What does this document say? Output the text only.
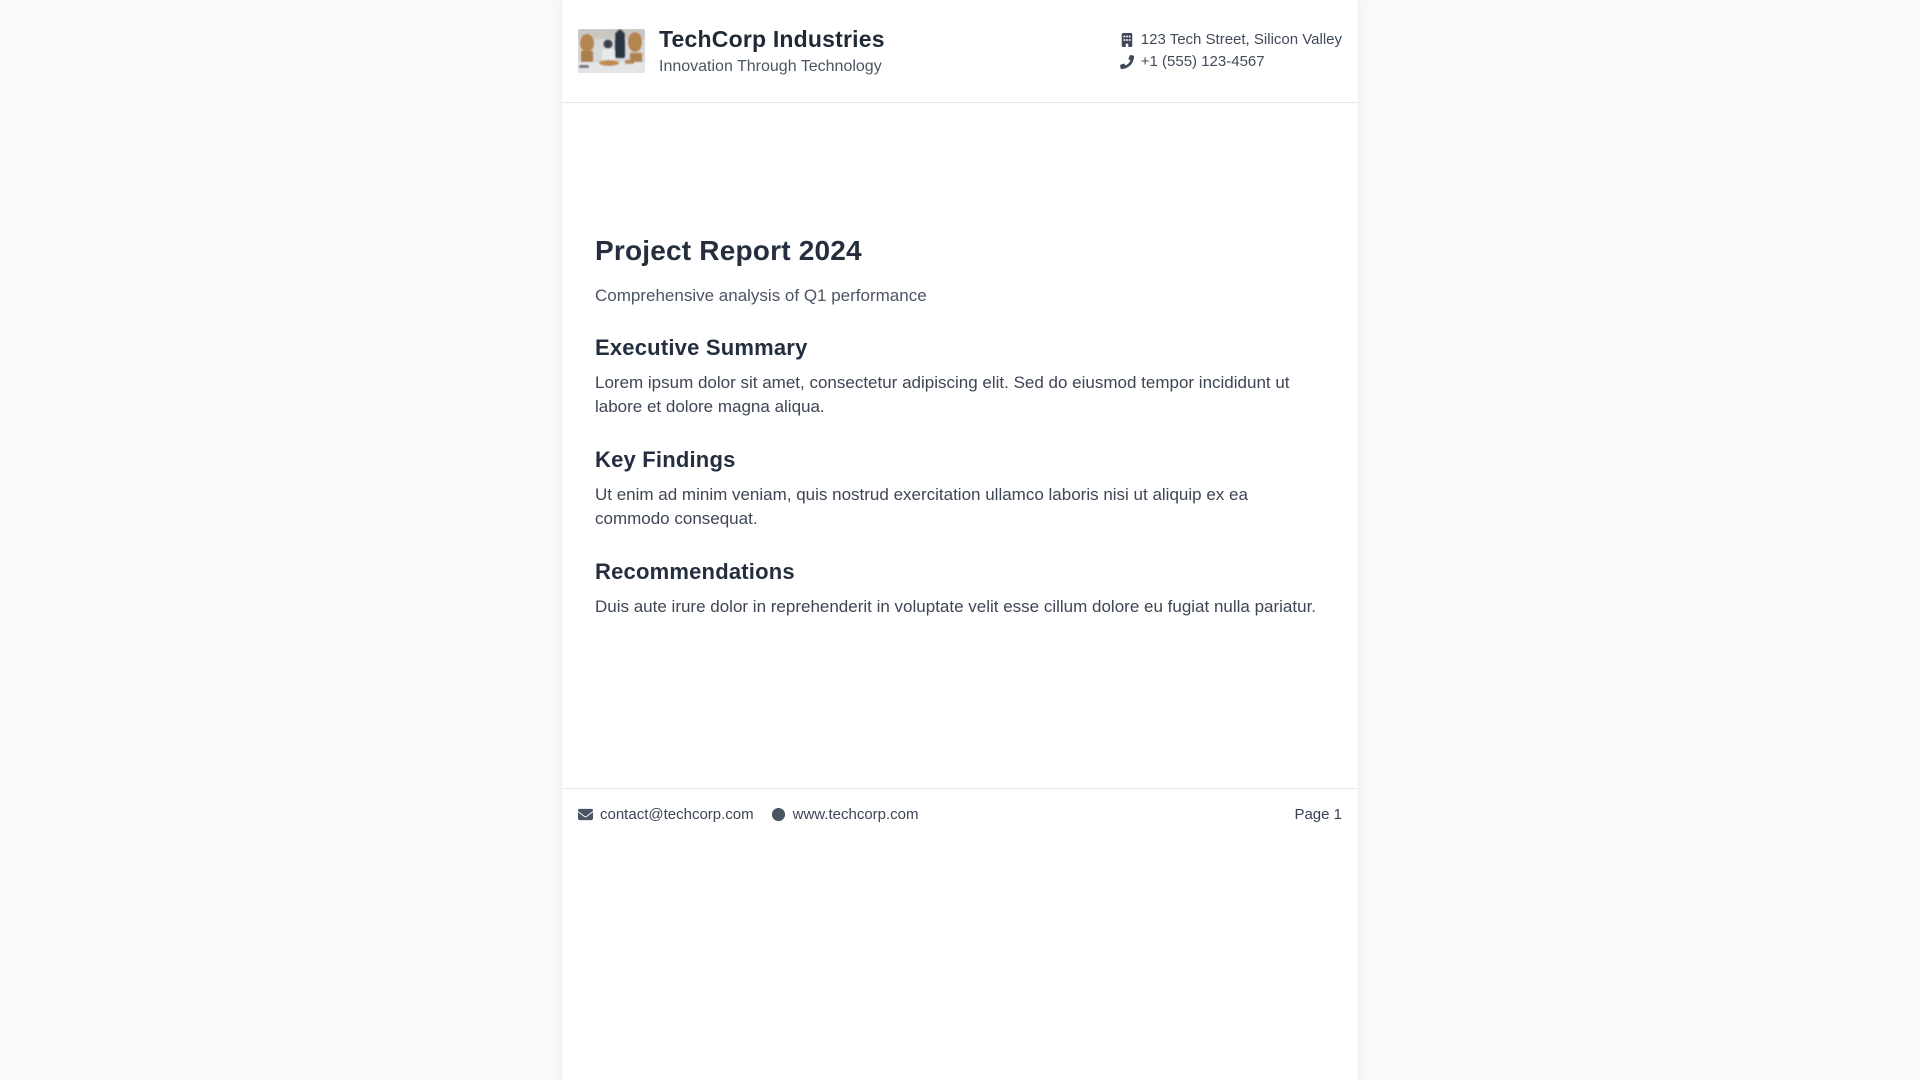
TechCorp Industries
Innovation Through Technology
123 Tech Street, Silicon Valley
+1 (555) 123-4567
Project Report 2024

Comprehensive analysis of Q1 performance

Executive Summary

Lorem ipsum dolor sit amet, consectetur adipiscing elit. Sed do eiusmod tempor incididunt ut labore et dolore magna aliqua.

Key Findings

Ut enim ad minim veniam, quis nostrud exercitation ullamco laboris nisi ut aliquip ex ea commodo consequat.

Recommendations

Duis aute irure dolor in reprehenderit in voluptate velit esse cillum dolore eu fugiat nulla pariatur.

contact@techcorp.com	www.techcorp.com	Page 1
